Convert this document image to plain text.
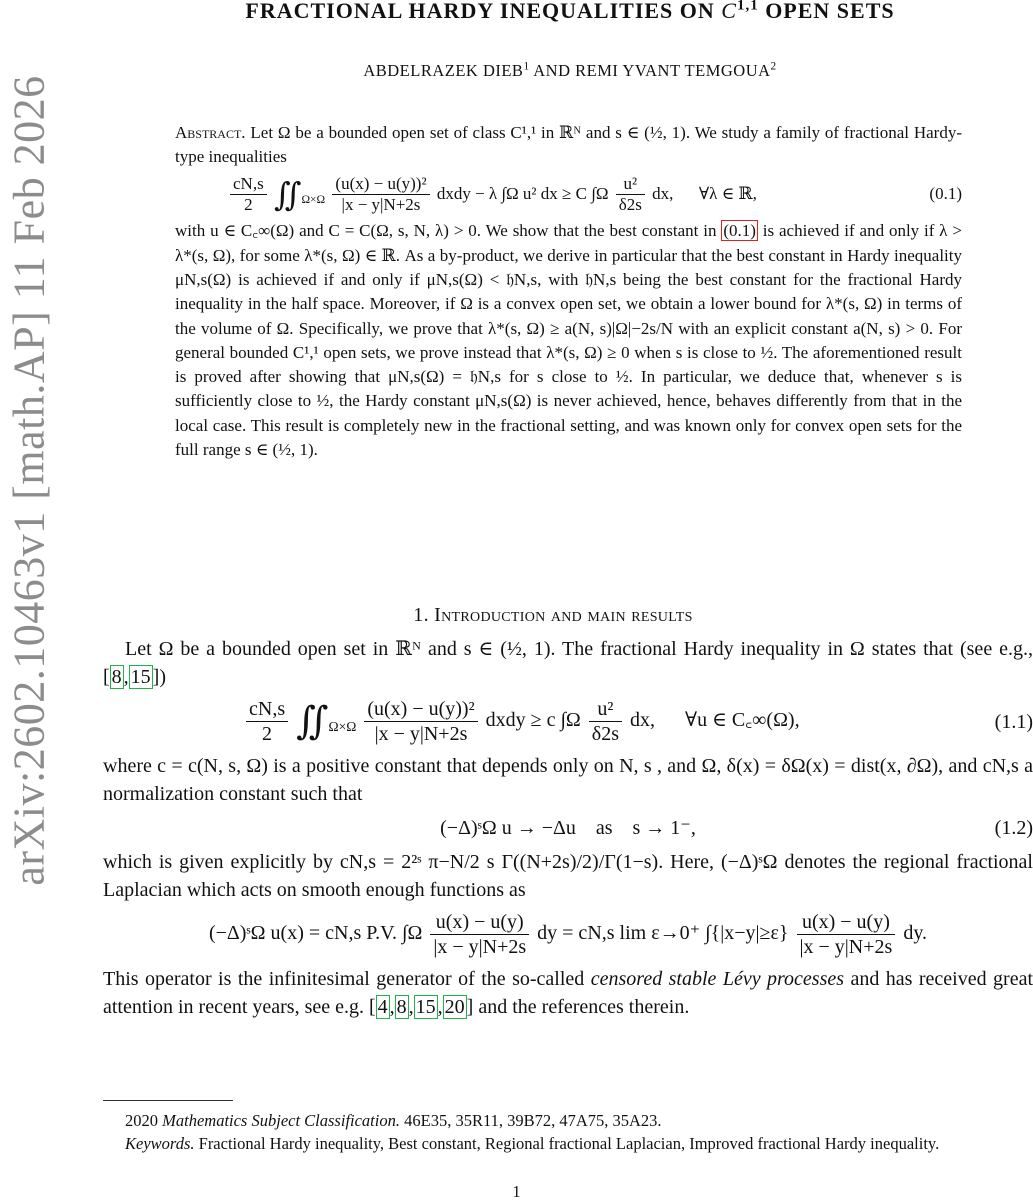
arXiv:2602.10463v1 [math.AP] 11 Feb 2026
FRACTIONAL HARDY INEQUALITIES ON C$^{1,1}$ OPEN SETS
ABDELRAZEK DIEB$^1$ AND REMI YVANT TEMGOUA$^2$

Abstract. Let Ω be a bounded open set of class C¹,¹ in ℝᴺ and s ∈ (½, 1). We study a family of fractional Hardy-type inequalities

$\frac{cN,s}{2}$ $∬_{\Omega\times\Omega} \frac{\text{(u(x) − u(y))²}}{|x - y|N+2s}$ dxdy − λ ∫Ω u² dx ≥ C $\int\Omega \frac{\text{u²}}{\delta 2s}$ dx,      ∀λ ∈ ℝ,	(0.1)

with u ∈ C꜀∞(Ω) and C = C(Ω, s, N, λ) > 0. We show that the best constant in (0.1) is achieved if and only if λ > λ*(s, Ω), for some λ*(s, Ω) ∈ ℝ. As a by-product, we derive in particular that the best constant in Hardy inequality μN,s(Ω) is achieved if and only if μN,s(Ω) < 𝔥N,s, with 𝔥N,s being the best constant for the fractional Hardy inequality in the half space. Moreover, if Ω is a convex open set, we obtain a lower bound for λ*(s, Ω) in terms of the volume of Ω. Specifically, we prove that λ*(s, Ω) ≥ a(N, s)|Ω|−2s/N with an explicit constant a(N, s) > 0. For general bounded C¹,¹ open sets, we prove instead that λ*(s, Ω) ≥ 0 when s is close to ½. The aforementioned result is proved after showing that μN,s(Ω) = 𝔥N,s for s close to ½. In particular, we deduce that, whenever s is sufficiently close to ½, the Hardy constant μN,s(Ω) is never achieved, hence, behaves differently from that in the local case. This result is completely new in the fractional setting, and was known only for convex open sets for the full range s ∈ (½, 1).

1. Introduction and main results

Let Ω be a bounded open set in ℝᴺ and s ∈ (½, 1). The fractional Hardy inequality in Ω states that (see e.g., [ 8 , 15 ])

$\frac{cN,s}{2}$ $∬_{\Omega\times\Omega} \frac{\text{(u(x) − u(y))²}}{|x - y|N+2s}$ dxdy ≥ c $\int\Omega \frac{\text{u²}}{\delta 2s}$ dx,      ∀u ∈ C꜀∞(Ω),	(1.1)

where c = c(N, s, Ω) is a positive constant that depends only on N, s , and Ω, δ(x) = δΩ(x) = dist(x, ∂Ω), and cN,s a normalization constant such that

(−Δ)ˢΩ u → −Δu    as    s → 1⁻,	(1.2)

which is given explicitly by cN,s = 2²ˢ π−N/2 s Γ((N+2s)/2)/Γ(1−s). Here, (−Δ)ˢΩ denotes the regional fractional Laplacian which acts on smooth enough functions as

(−Δ)ˢΩ u(x) = cN,s P.V. $\int\Omega \frac{u(x) - u(y)}{|x - y|N+2s}$ dy = cN,s lim ε→0⁺ $\int\{|x-y|\ge\varepsilon\} \frac{u(x) - u(y)}{|x - y|N+2s}$ dy.

This operator is the infinitesimal generator of the so-called censored stable Lévy processes and has received great attention in recent years, see e.g. [ 4 , 8 , 15 , 20 ] and the references therein.

2020 Mathematics Subject Classification. 46E35, 35R11, 39B72, 47A75, 35A23.

Keywords. Fractional Hardy inequality, Best constant, Regional fractional Laplacian, Improved fractional Hardy inequality.

1
